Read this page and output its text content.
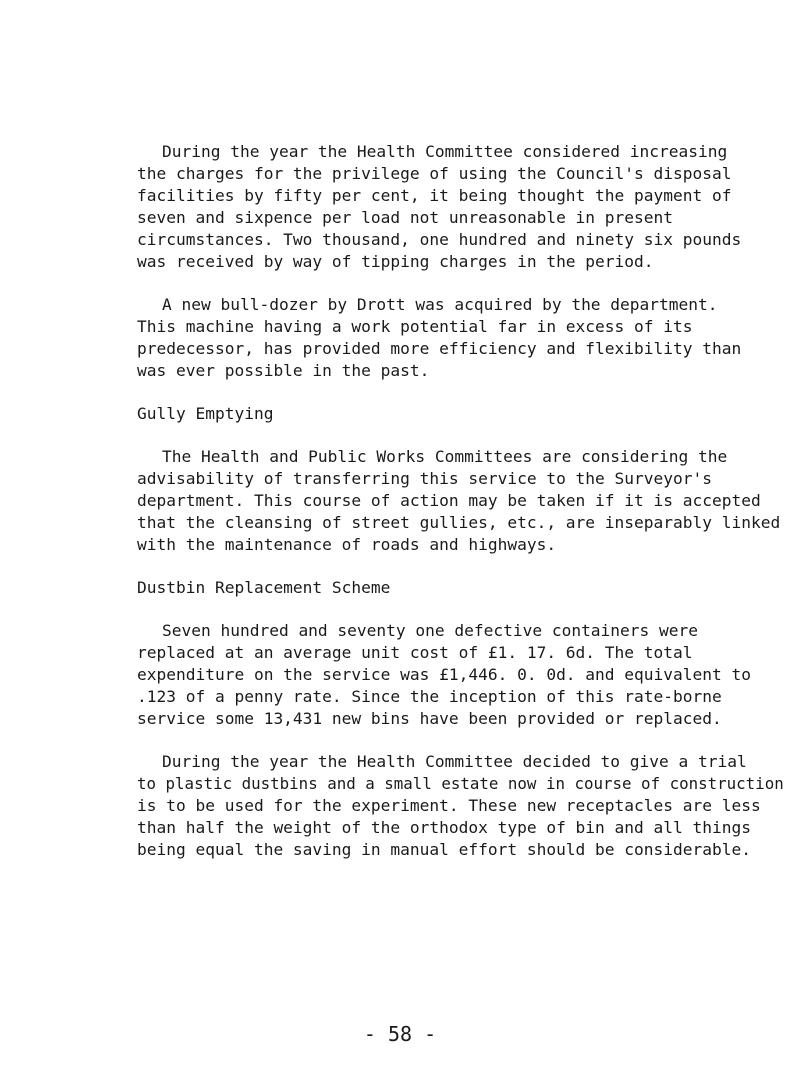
During the year the Health Committee considered increasing
the charges for the privilege of using the Council's disposal
facilities by fifty per cent, it being thought the payment of
seven and sixpence per load not unreasonable in present
circumstances. Two thousand, one hundred and ninety six pounds
was received by way of tipping charges in the period.
A new bull-dozer by Drott was acquired by the department.
This machine having a work potential far in excess of its
predecessor, has provided more efficiency and flexibility than
was ever possible in the past.
Gully Emptying
The Health and Public Works Committees are considering the
advisability of transferring this service to the Surveyor's
department. This course of action may be taken if it is accepted
that the cleansing of street gullies, etc., are inseparably linked
with the maintenance of roads and highways.
Dustbin Replacement Scheme
Seven hundred and seventy one defective containers were
replaced at an average unit cost of £1. 17. 6d. The total
expenditure on the service was £1,446. 0. 0d. and equivalent to
.123 of a penny rate. Since the inception of this rate-borne
service some 13,431 new bins have been provided or replaced.
During the year the Health Committee decided to give a trial
to plastic dustbins and a small estate now in course of construction
is to be used for the experiment. These new receptacles are less
than half the weight of the orthodox type of bin and all things
being equal the saving in manual effort should be considerable.
- 58 -
